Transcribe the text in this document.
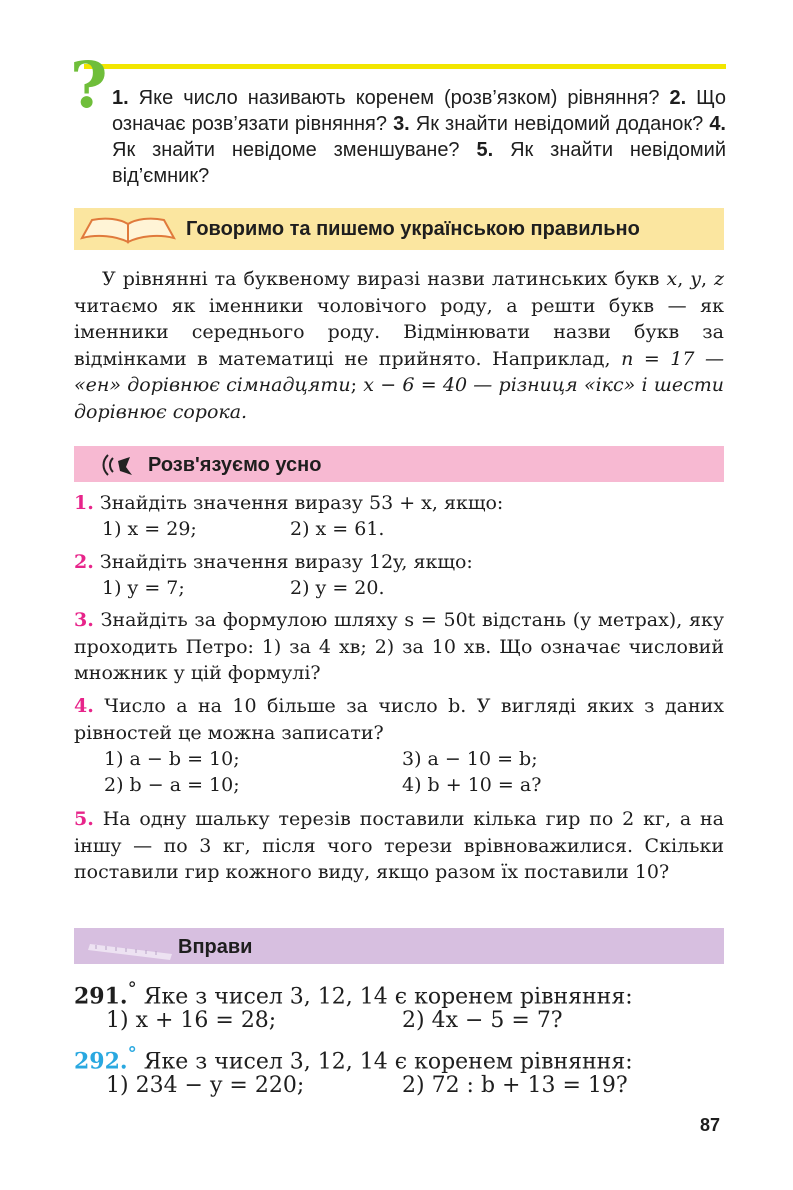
? 1. Яке число називають коренем (розв’язком) рівняння? 2. Що означає розв’язати рівняння? 3. Як знайти невідомий доданок? 4. Як знайти невідоме зменшуване? 5. Як знайти невідомий від’ємник?
Говоримо та пишемо українською правильно
У рівнянні та буквеному виразі назви латинських букв x, y, z читаємо як іменники чоловічого роду, а решти букв — як іменники середнього роду. Відмінювати назви букв за відмінками в математиці не прийнято. Наприклад, n = 17 — «ен» дорівнює сімнадцяти; x − 6 = 40 — різниця «ікс» і шести дорівнює сорока.
Розв'язуємо усно
1. Знайдіть значення виразу 53 + x, якщо:
1) x = 29;	2) x = 61.
2. Знайдіть значення виразу 12y, якщо:
1) y = 7;	2) y = 20.
3. Знайдіть за формулою шляху s = 50t відстань (у метрах), яку проходить Петро: 1) за 4 хв; 2) за 10 хв. Що означає числовий множник у цій формулі?
4. Число a на 10 більше за число b. У вигляді яких з даних рівностей це можна записати?
1) a − b = 10;
2) b − a = 10;
3) a − 10 = b;
4) b + 10 = a?
5. На одну шальку терезів поставили кілька гир по 2 кг, а на іншу — по 3 кг, після чого терези врівноважилися. Скільки поставили гир кожного виду, якщо разом їх поставили 10?
Вправи
291.° Яке з чисел 3, 12, 14 є коренем рівняння:
1) x + 16 = 28;	2) 4x − 5 = 7?
292.° Яке з чисел 3, 12, 14 є коренем рівняння:
1) 234 − y = 220;	2) 72 : b + 13 = 19?
87
